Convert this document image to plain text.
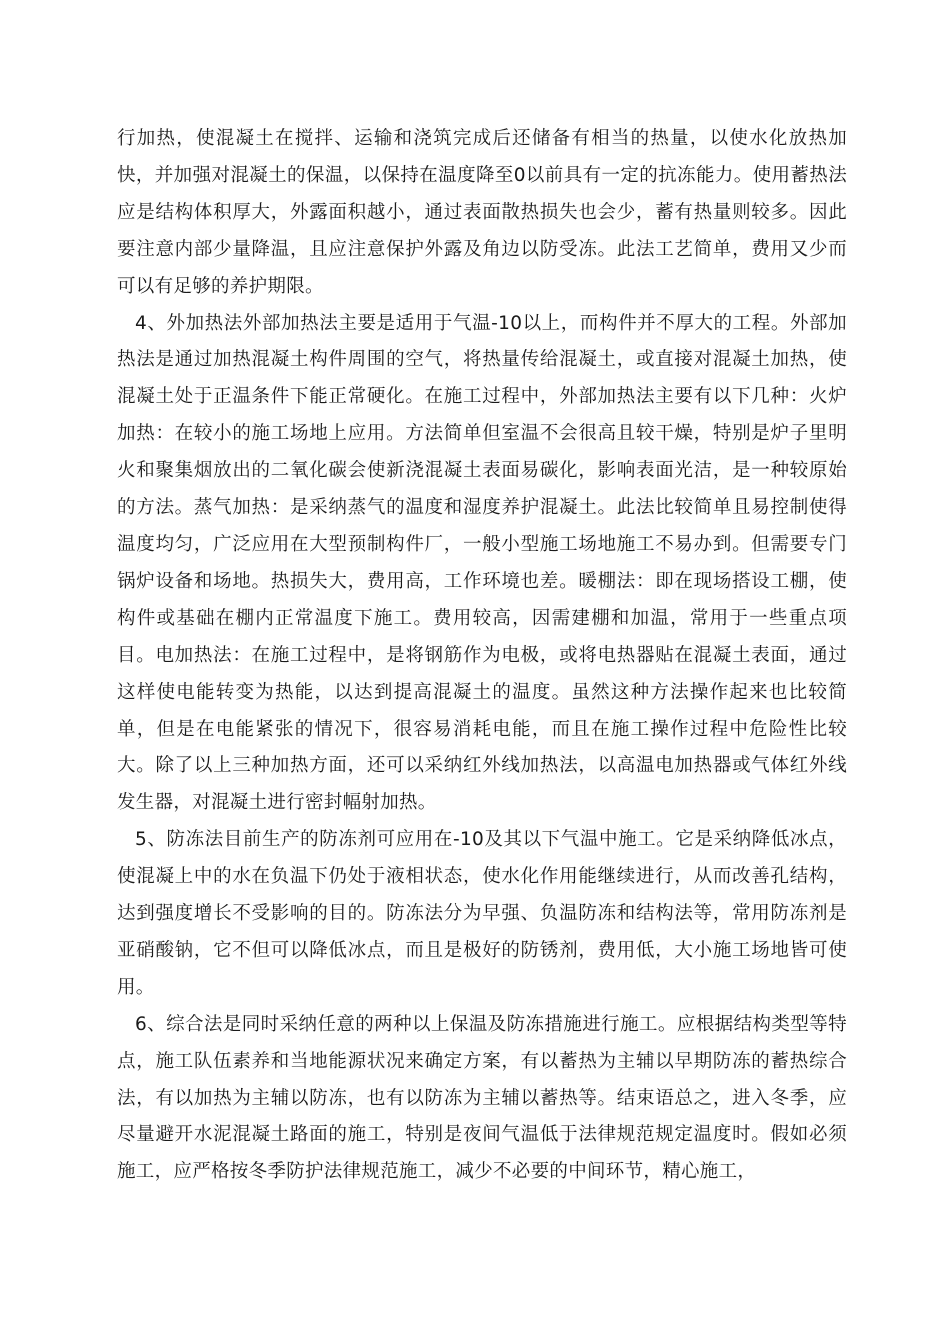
行加热，使混凝土在搅拌、运输和浇筑完成后还储备有相当的热量，以使水化放热加快，并加强对混凝土的保温，以保持在温度降至0以前具有一定的抗冻能力。使用蓄热法应是结构体积厚大，外露面积越小，通过表面散热损失也会少，蓄有热量则较多。因此要注意内部少量降温，且应注意保护外露及角边以防受冻。此法工艺简单，费用又少而可以有足够的养护期限。

4、外加热法外部加热法主要是适用于气温-10以上，而构件并不厚大的工程。外部加热法是通过加热混凝土构件周围的空气，将热量传给混凝土，或直接对混凝土加热，使混凝土处于正温条件下能正常硬化。在施工过程中，外部加热法主要有以下几种：火炉加热：在较小的施工场地上应用。方法简单但室温不会很高且较干燥，特别是炉子里明火和聚集烟放出的二氧化碳会使新浇混凝土表面易碳化，影响表面光洁，是一种较原始的方法。蒸气加热：是采纳蒸气的温度和湿度养护混凝土。此法比较简单且易控制使得温度均匀，广泛应用在大型预制构件厂，一般小型施工场地施工不易办到。但需要专门锅炉设备和场地。热损失大，费用高，工作环境也差。暖棚法：即在现场搭设工棚，使构件或基础在棚内正常温度下施工。费用较高，因需建棚和加温，常用于一些重点项目。电加热法：在施工过程中，是将钢筋作为电极，或将电热器贴在混凝土表面，通过这样使电能转变为热能，以达到提高混凝土的温度。虽然这种方法操作起来也比较简单，但是在电能紧张的情况下，很容易消耗电能，而且在施工操作过程中危险性比较大。除了以上三种加热方面，还可以采纳红外线加热法，以高温电加热器或气体红外线发生器，对混凝土进行密封幅射加热。

5、防冻法目前生产的防冻剂可应用在-10及其以下气温中施工。它是采纳降低冰点，使混凝上中的水在负温下仍处于液相状态，使水化作用能继续进行，从而改善孔结构，达到强度增长不受影响的目的。防冻法分为早强、负温防冻和结构法等，常用防冻剂是亚硝酸钠，它不但可以降低冰点，而且是极好的防锈剂，费用低，大小施工场地皆可使用。

6、综合法是同时采纳任意的两种以上保温及防冻措施进行施工。应根据结构类型等特点，施工队伍素养和当地能源状况来确定方案，有以蓄热为主辅以早期防冻的蓄热综合法，有以加热为主辅以防冻，也有以防冻为主辅以蓄热等。结束语总之，进入冬季，应尽量避开水泥混凝土路面的施工，特别是夜间气温低于法律规范规定温度时。假如必须施工，应严格按冬季防护法律规范施工，减少不必要的中间环节，精心施工，
